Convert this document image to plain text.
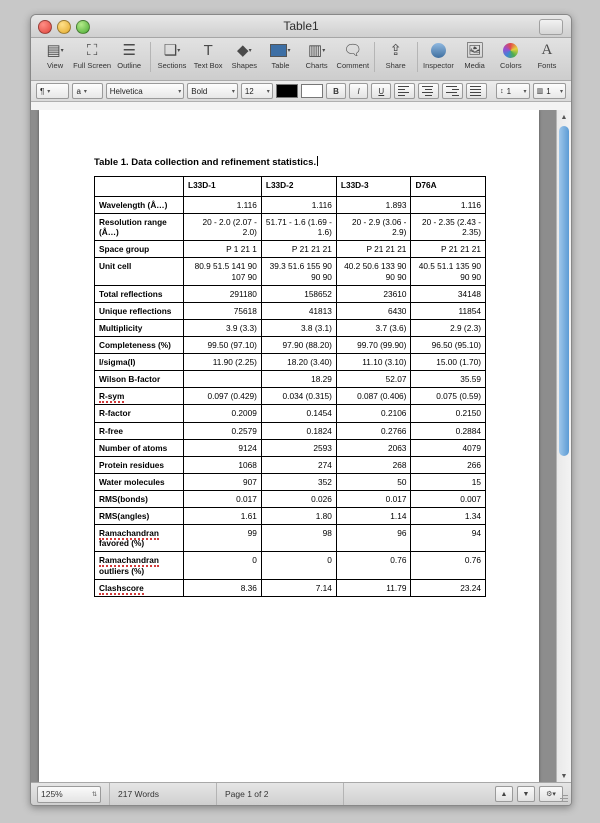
Table1
▤ ▾
View
⛶
Full Screen
☰
Outline
❑ ▾
Sections
T
Text Box
◆ ▾
Shapes
▾
Table
▥ ▾
Charts
🗨
Comment
⇪
Share Inspector
🖼
Media Colors
A
Fonts
¶ ▾	a ▾	Helvetica	▾ Bold	▾ 12 ▾	B	I	U	↕ 1 ▾ ▥ 1 ▾
Table 1. Data collection and refinement statistics.
	L33D-1	L33D-2	L33D-3	D76A
Wavelength (Å…)	1.116	1.116	1.893	1.116
Resolution range (Å…)	20 - 2.0 (2.07 - 2.0)	51.71 - 1.6 (1.69 - 1.6)	20 - 2.9 (3.06 - 2.9)	20 - 2.35 (2.43 - 2.35)
Space group	P 1 21 1	P 21 21 21	P 21 21 21	P 21 21 21
Unit cell	80.9 51.5 141 90 107 90	39.3 51.6 155 90 90 90	40.2 50.6 133 90 90 90	40.5 51.1 135 90 90 90
Total reflections	291180	158652	23610	34148
Unique reflections	75618	41813	6430	11854
Multiplicity	3.9 (3.3)	3.8 (3.1)	3.7 (3.6)	2.9 (2.3)
Completeness (%)	99.50 (97.10)	97.90 (88.20)	99.70 (99.90)	96.50 (95.10)
I/sigma(I)	11.90 (2.25)	18.20 (3.40)	11.10 (3.10)	15.00 (1.70)
Wilson B-factor		18.29	52.07	35.59
R-sym	0.097 (0.429)	0.034 (0.315)	0.087 (0.406)	0.075 (0.59)
R-factor	0.2009	0.1454	0.2106	0.2150
R-free	0.2579	0.1824	0.2766	0.2884
Number of atoms	9124	2593	2063	4079
Protein residues	1068	274	268	266
Water molecules	907	352	50	15
RMS(bonds)	0.017	0.026	0.017	0.007
RMS(angles)	1.61	1.80	1.14	1.34
Ramachandran favored (%)	99	98	96	94
Ramachandran outliers (%)	0	0	0.76	0.76
Clashscore	8.36	7.14	11.79	23.24
▲
▼
125%	⇅ 217 Words	Page 1 of 2	▲	▼	⚙▾
